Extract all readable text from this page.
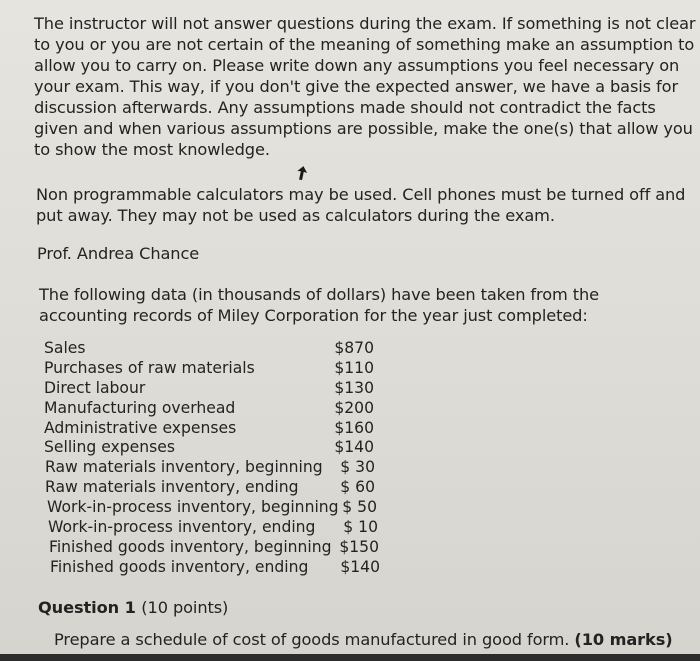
The instructor will not answer questions during the exam. If something is not clear to you or you are not certain of the meaning of something make an assumption to allow you to carry on. Please write down any assumptions you feel necessary on your exam. This way, if you don't give the expected answer, we have a basis for discussion afterwards. Any assumptions made should not contradict the facts given and when various assumptions are possible, make the one(s) that allow you to show the most knowledge.

Non programmable calculators may be used. Cell phones must be turned off and put away. They may not be used as calculators during the exam.

Prof. Andrea Chance

The following data (in thousands of dollars) have been taken from the accounting records of Miley Corporation for the year just completed:

Sales	$870
Purchases of raw materials	$110
Direct labour	$130
Manufacturing overhead	$200
Administrative expenses	$160
Selling expenses	$140
Raw materials inventory, beginning $ 30
Raw materials inventory, ending	$ 60
Work-in-process inventory, beginning $ 50
Work-in-process inventory, ending $ 10
Finished goods inventory, beginning $150
Finished goods inventory, ending $140

Question 1 (10 points)

Prepare a schedule of cost of goods manufactured in good form. (10 marks)
